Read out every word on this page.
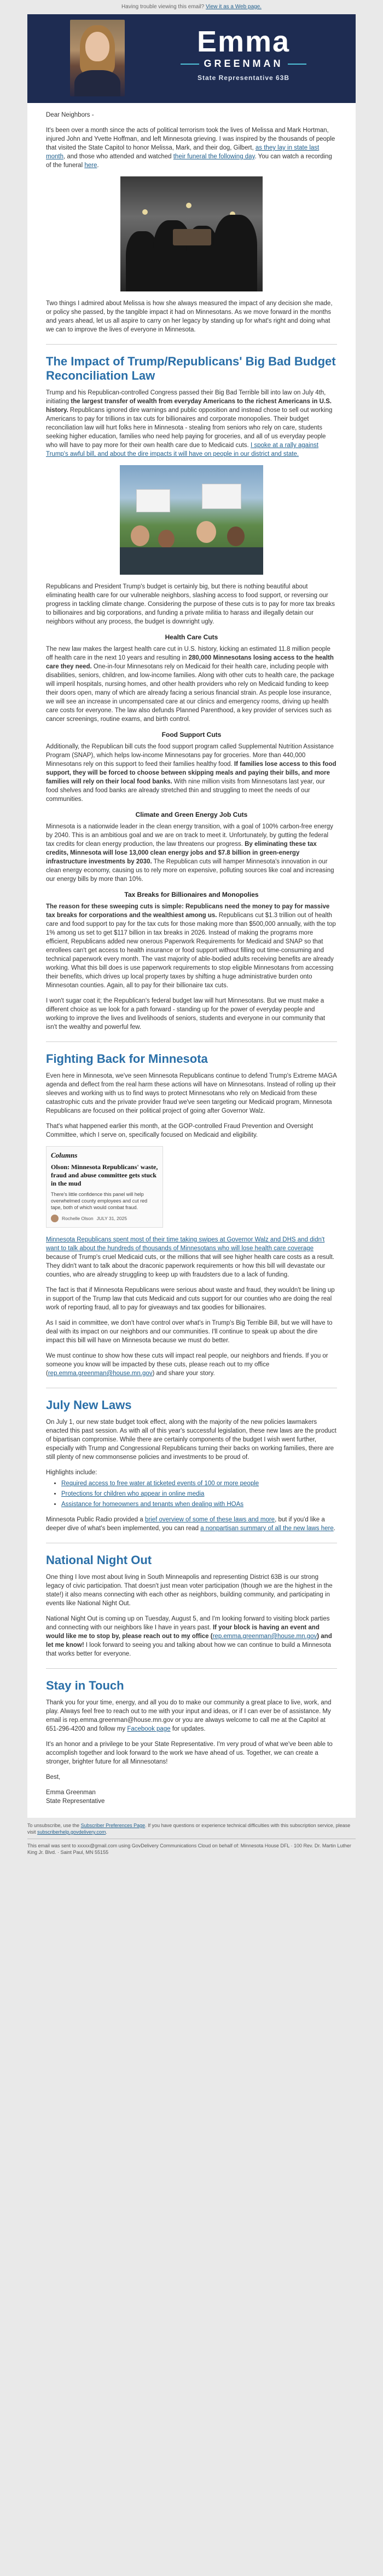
Having trouble viewing this email? View it as a Web page.
Emma
GREENMAN
State Representative 63B

Dear Neighbors -

It's been over a month since the acts of political terrorism took the lives of Melissa and Mark Hortman, injured John and Yvette Hoffman, and left Minnesota grieving. I was inspired by the thousands of people that visited the State Capitol to honor Melissa, Mark, and their dog, Gilbert, as they lay in state last month, and those who attended and watched their funeral the following day. You can watch a recording of the funeral here.

Two things I admired about Melissa is how she always measured the impact of any decision she made, or policy she passed, by the tangible impact it had on Minnesotans. As we move forward in the months and years ahead, let us all aspire to carry on her legacy by standing up for what's right and doing what we can to improve the lives of everyone in Minnesota.

The Impact of Trump/Republicans' Big Bad Budget Reconciliation Law

Trump and his Republican-controlled Congress passed their Big Bad Terrible bill into law on July 4th, initiating the largest transfer of wealth from everyday Americans to the richest Americans in U.S. history. Republicans ignored dire warnings and public opposition and instead chose to sell out working Americans to pay for trillions in tax cuts for billionaires and corporate monopolies. Their budget reconciliation law will hurt folks here in Minnesota - stealing from seniors who rely on care, students seeking higher education, families who need help paying for groceries, and all of us everyday people who will have to pay more for their own health care due to Medicaid cuts. I spoke at a rally against Trump's awful bill, and about the dire impacts it will have on people in our district and state.

Republicans and President Trump's budget is certainly big, but there is nothing beautiful about eliminating health care for our vulnerable neighbors, slashing access to food support, or reversing our progress in tackling climate change. Considering the purpose of these cuts is to pay for more tax breaks to billionaires and big corporations, and funding a private militia to harass and illegally detain our neighbors without any process, the budget is downright ugly.

Health Care Cuts

The new law makes the largest health care cut in U.S. history, kicking an estimated 11.8 million people off health care in the next 10 years and resulting in 280,000 Minnesotans losing access to the health care they need. One-in-four Minnesotans rely on Medicaid for their health care, including people with disabilities, seniors, children, and low-income families. Along with other cuts to health care, the package will imperil hospitals, nursing homes, and other health providers who rely on Medicaid funding to keep their doors open, many of which are already facing a serious financial strain. As people lose insurance, we will see an increase in uncompensated care at our clinics and emergency rooms, driving up health care costs for everyone. The law also defunds Planned Parenthood, a key provider of services such as cancer screenings, routine exams, and birth control.

Food Support Cuts

Additionally, the Republican bill cuts the food support program called Supplemental Nutrition Assistance Program (SNAP), which helps low-income Minnesotans pay for groceries. More than 440,000 Minnesotans rely on this support to feed their families healthy food. If families lose access to this food support, they will be forced to choose between skipping meals and paying their bills, and more families will rely on their local food banks. With nine million visits from Minnesotans last year, our food shelves and food banks are already stretched thin and struggling to meet the needs of our communities.

Climate and Green Energy Job Cuts

Minnesota is a nationwide leader in the clean energy transition, with a goal of 100% carbon-free energy by 2040. This is an ambitious goal and we are on track to meet it. Unfortunately, by gutting the federal tax credits for clean energy production, the law threatens our progress. By eliminating these tax credits, Minnesota will lose 13,000 clean energy jobs and $7.8 billion in green-energy infrastructure investments by 2030. The Republican cuts will hamper Minnesota's innovation in our clean energy economy, causing us to rely more on expensive, polluting sources like coal and increasing our energy bills by more than 10%.

Tax Breaks for Billionaires and Monopolies

The reason for these sweeping cuts is simple: Republicans need the money to pay for massive tax breaks for corporations and the wealthiest among us. Republicans cut $1.3 trillion out of health care and food support to pay for the tax cuts for those making more than $500,000 annually, with the top 1% among us set to get $117 billion in tax breaks in 2026. Instead of making the programs more efficient, Republicans added new onerous Paperwork Requirements for Medicaid and SNAP so that enrollees can't get access to health insurance or food support without filling out time-consuming and technical paperwork every month. The vast majority of able-bodied adults receiving benefits are already working. What this bill does is use paperwork requirements to stop eligible Minnesotans from accessing their benefits, which drives up local property taxes by shifting a huge administrative burden onto Minnesotan counties. Again, all to pay for their billionaire tax cuts.

I won't sugar coat it; the Republican's federal budget law will hurt Minnesotans. But we must make a different choice as we look for a path forward - standing up for the power of everyday people and working to improve the lives and livelihoods of seniors, students and everyone in our community that isn't the wealthy and powerful few.

Fighting Back for Minnesota

Even here in Minnesota, we've seen Minnesota Republicans continue to defend Trump's Extreme MAGA agenda and deflect from the real harm these actions will have on Minnesotans. Instead of rolling up their sleeves and working with us to find ways to protect Minnesotans who rely on Medicaid from these catastrophic cuts and the private provider fraud we've seen targeting our Medicaid program, Minnesota Republicans are focused on their political project of going after Governor Walz.

That's what happened earlier this month, at the GOP-controlled Fraud Prevention and Oversight Committee, which I serve on, specifically focused on Medicaid and eligibility.

Columns
Olson: Minnesota Republicans' waste, fraud and abuse committee gets stuck in the mud
There's little confidence this panel will help overwhelmed county employees and cut red tape, both of which would combat fraud.
Rochelle Olson JULY 31, 2025

Minnesota Republicans spent most of their time taking swipes at Governor Walz and DHS and didn't want to talk about the hundreds of thousands of Minnesotans who will lose health care coverage because of Trump's cruel Medicaid cuts, or the millions that will see higher health care costs as a result. They didn't want to talk about the draconic paperwork requirements or how this bill will devastate our counties, who are already struggling to keep up with fraudsters due to a lack of funding.

The fact is that if Minnesota Republicans were serious about waste and fraud, they wouldn't be lining up in support of the Trump law that cuts Medicaid and cuts support for our counties who are doing the real work of reporting fraud, all to pay for giveaways and tax goodies for billionaires.

As I said in committee, we don't have control over what's in Trump's Big Terrible Bill, but we will have to deal with its impact on our neighbors and our communities. I'll continue to speak up about the dire impact this bill will have on Minnesota because we must do better.

We must continue to show how these cuts will impact real people, our neighbors and friends. If you or someone you know will be impacted by these cuts, please reach out to my office (rep.emma.greenman@house.mn.gov) and share your story.

July New Laws

On July 1, our new state budget took effect, along with the majority of the new policies lawmakers enacted this past session. As with all of this year's successful legislation, these new laws are the product of bipartisan compromise. While there are certainly components of the budget I wish went further, especially with Trump and Congressional Republicans turning their backs on working families, there are still plenty of new commonsense policies and investments to be proud of.

Highlights include:

• Required access to free water at ticketed events of 100 or more people
• Protections for children who appear in online media
• Assistance for homeowners and tenants when dealing with HOAs

Minnesota Public Radio provided a brief overview of some of these laws and more, but if you'd like a deeper dive of what's been implemented, you can read a nonpartisan summary of all the new laws here.

National Night Out

One thing I love most about living in South Minneapolis and representing District 63B is our strong legacy of civic participation. That doesn't just mean voter participation (though we are the highest in the state!) it also means connecting with each other as neighbors, building community, and participating in events like National Night Out.

National Night Out is coming up on Tuesday, August 5, and I'm looking forward to visiting block parties and connecting with our neighbors like I have in years past. If your block is having an event and would like me to stop by, please reach out to my office (rep.emma.greenman@house.mn.gov) and let me know! I look forward to seeing you and talking about how we can continue to build a Minnesota that works better for everyone.

Stay in Touch

Thank you for your time, energy, and all you do to make our community a great place to live, work, and play. Always feel free to reach out to me with your input and ideas, or if I can ever be of assistance. My email is rep.emma.greenman@house.mn.gov or you are always welcome to call me at the Capitol at 651-296-4200 and follow my Facebook page for updates.

It's an honor and a privilege to be your State Representative. I'm very proud of what we've been able to accomplish together and look forward to the work we have ahead of us. Together, we can create a stronger, brighter future for all Minnesotans!

Best,

Emma Greenman

State Representative

To unsubscribe, use the Subscriber Preferences Page. If you have questions or experience technical difficulties with this subscription service, please visit subscriberhelp.govdelivery.com.
This email was sent to xxxxx@gmail.com using GovDelivery Communications Cloud on behalf of: Minnesota House DFL · 100 Rev. Dr. Martin Luther King Jr. Blvd. · Saint Paul, MN 55155
